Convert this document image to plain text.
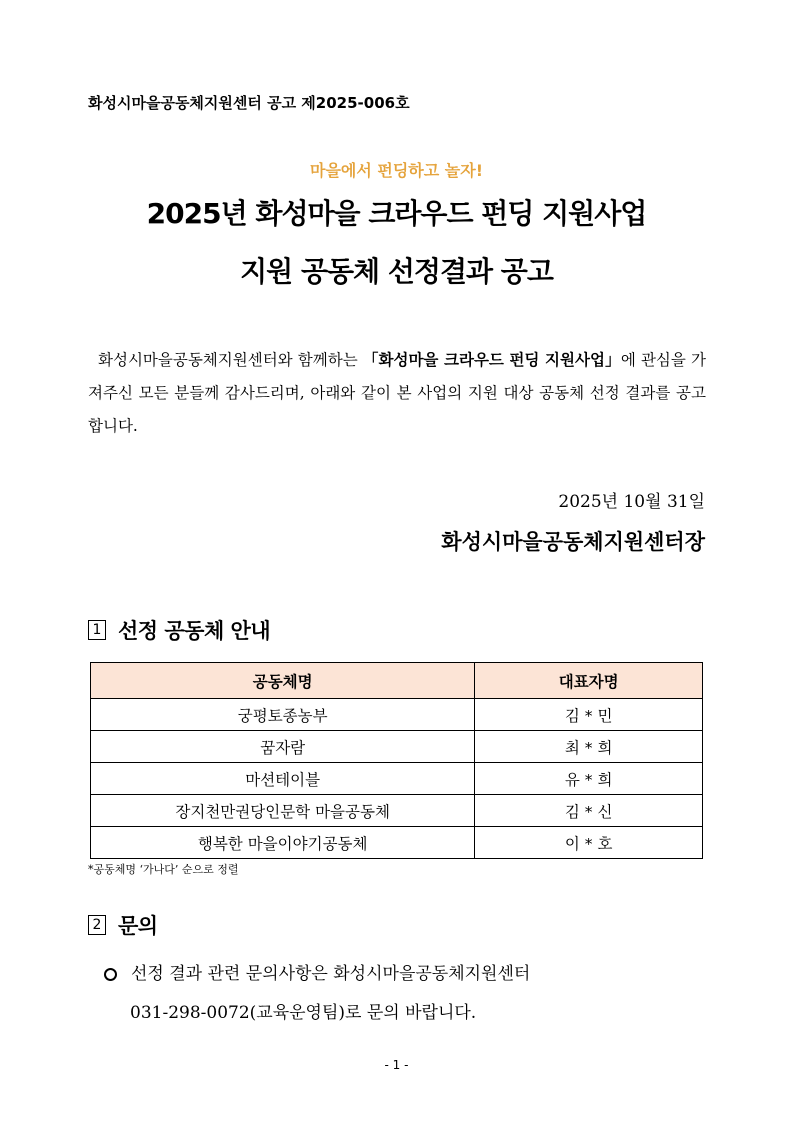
화성시마을공동체지원센터 공고 제2025-006호
마을에서 펀딩하고 놀자!
2025년 화성마을 크라우드 펀딩 지원사업
지원 공동체 선정결과 공고
화성시마을공동체지원센터와 함께하는 「화성마을 크라우드 펀딩 지원사업」에 관심을 가져주신 모든 분들께 감사드리며, 아래와 같이 본 사업의 지원 대상 공동체 선정 결과를 공고합니다.
2025년 10월 31일
화성시마을공동체지원센터장
1 선정 공동체 안내
공동체명	대표자명
궁평토종농부	김 * 민
꿈자람	최 * 희
마션테이블	유 * 희
장지천만권당인문학 마을공동체	김 * 신
행복한 마을이야기공동체	이 * 호
*공동체명 ‘가나다’ 순으로 정렬
2 문의
선정 결과 관련 문의사항은 화성시마을공동체지원센터
031-298-0072(교육운영팀)로 문의 바랍니다.
- 1 -
